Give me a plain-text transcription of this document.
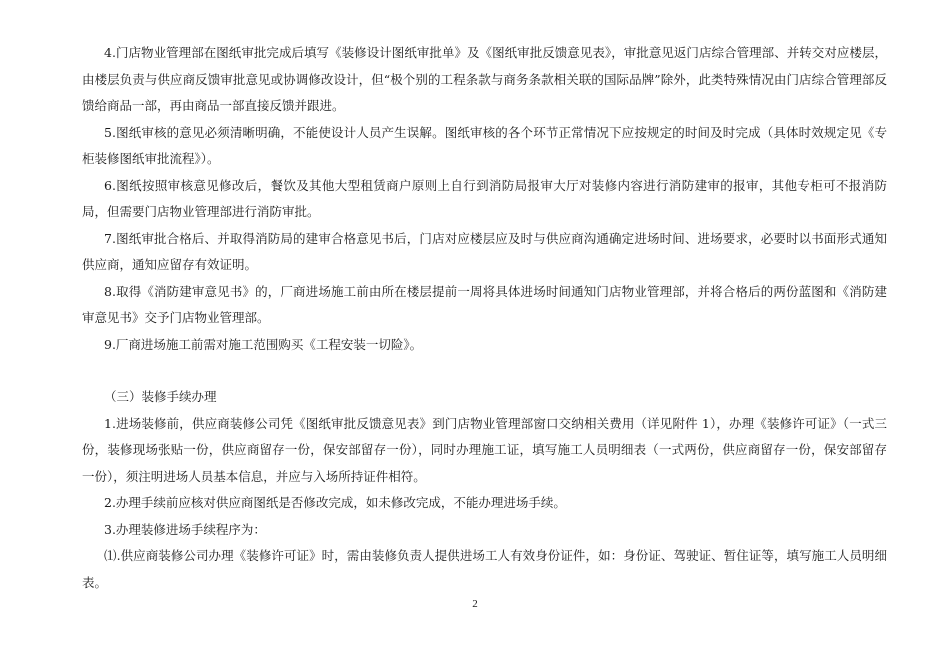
4.门店物业管理部在图纸审批完成后填写《装修设计图纸审批单》及《图纸审批反馈意见表》，审批意见返门店综合管理部、并转交对应楼层， 由楼层负责与供应商反馈审批意见或协调修改设计，但“极个别的工程条款与商务条款相关联的国际品牌”除外，此类特殊情况由门店综合管理部反馈给商品一部，再由商品一部直接反馈并跟进。

5.图纸审核的意见必须清晰明确，不能使设计人员产生误解。图纸审核的各个环节正常情况下应按规定的时间及时完成（具体时效规定见《专柜装修图纸审批流程》）。

6.图纸按照审核意见修改后，餐饮及其他大型租赁商户原则上自行到消防局报审大厅对装修内容进行消防建审的报审，其他专柜可不报消防局，但需要门店物业管理部进行消防审批。

7.图纸审批合格后、并取得消防局的建审合格意见书后，门店对应楼层应及时与供应商沟通确定进场时间、进场要求，必要时以书面形式通知供应商，通知应留存有效证明。

8.取得《消防建审意见书》的，厂商进场施工前由所在楼层提前一周将具体进场时间通知门店物业管理部，并将合格后的两份蓝图和《消防建审意见书》交予门店物业管理部。

9.厂商进场施工前需对施工范围购买《工程安装一切险》。

（三）装修手续办理

1.进场装修前，供应商装修公司凭《图纸审批反馈意见表》到门店物业管理部窗口交纳相关费用（详见附件 1），办理《装修许可证》（一式三份，装修现场张贴一份，供应商留存一份，保安部留存一份），同时办理施工证，填写施工人员明细表（一式两份，供应商留存一份，保安部留存一份），须注明进场人员基本信息，并应与入场所持证件相符。

2.办理手续前应核对供应商图纸是否修改完成，如未修改完成，不能办理进场手续。

3.办理装修进场手续程序为：

⑴.供应商装修公司办理《装修许可证》时，需由装修负责人提供进场工人有效身份证件，如：身份证、驾驶证、暂住证等，填写施工人员明细表。

2
